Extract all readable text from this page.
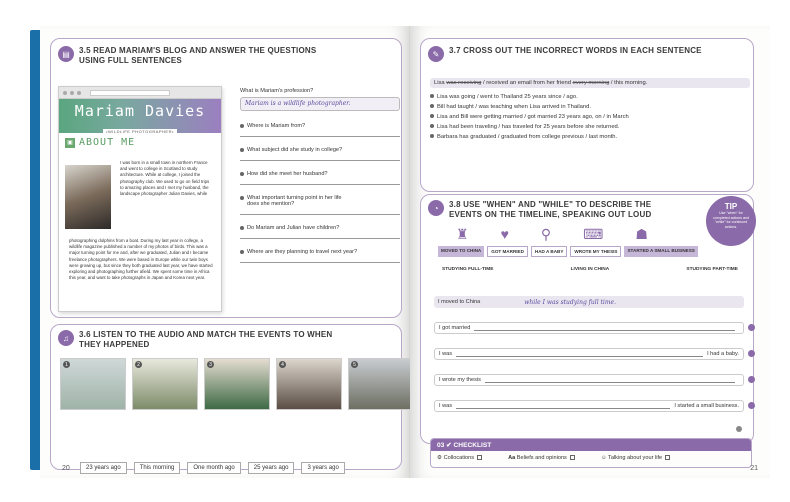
▤	3.5 READ MARIAM'S BLOG AND ANSWER THE QUESTIONS
USING FULL SENTENCES
Mariam Davies
•WILDLIFE PHOTOGRAPHER•
▣ ABOUT ME
I was born in a small town in northern France and went to college in Scotland to study architecture. While at college, I joined the photography club. We used to go on field trips to amazing places and I met my husband, the landscape photographer Julian Davies, while
photographing dolphins from a boat. During my last year in college, a wildlife magazine published a number of my photos of birds. This was a major turning point for me and, after we graduated, Julian and I became freelance photographers. We were based in Europe while our twin boys were growing up, but since they both graduated last year, we have started exploring and photographing further afield. We spent some time in Africa this year, and want to take photographs in Japan and Korea next year.
What is Mariam's profession?
Mariam is a wildlife photographer.
Where is Mariam from?
What subject did she study in college?
How did she meet her husband?
What important turning point in her life
does she mention?
Do Mariam and Julian have children?
Where are they planning to travel next year?
♫	3.6 LISTEN TO THE AUDIO AND MATCH THE EVENTS TO WHEN
THEY HAPPENED
1	2	3	4	5
23 years ago	This morning	One month ago	25 years ago	3 years ago
20
✎	3.7 CROSS OUT THE INCORRECT WORDS IN EACH SENTENCE
Lisa was receiving / received an email from her friend every morning / this morning.
Lisa was going / went to Thailand 25 years since / ago.
Bill had taught / was teaching when Lisa arrived in Thailand.
Lisa and Bill were getting married / got married 23 years ago, on / in March
Lisa had been traveling / has traveled for 25 years before she returned.
Barbara has graduated / graduated from college previous / last month.
◔	3.8 USE "WHEN" AND "WHILE" TO DESCRIBE THE
EVENTS ON THE TIMELINE, SPEAKING OUT LOUD
♜ ♥ ⚲ ⌨ ☗
MOVED TO CHINA	GOT MARRIED	HAD A BABY	WROTE MY THESIS	STARTED A SMALL BUSINESS
STUDYING FULL-TIME	LIVING IN CHINA	STUDYING PART-TIME
I moved to China	while I was studying full time.
I got married
I was	I had a baby.
I wrote my thesis
I was	I started a small business.
TIP
Use "when" for completed actions and "while" for continued actions.
03 ✔ CHECKLIST
⚙ Collocations	Aa Beliefs and opinions	☺ Talking about your life
21
